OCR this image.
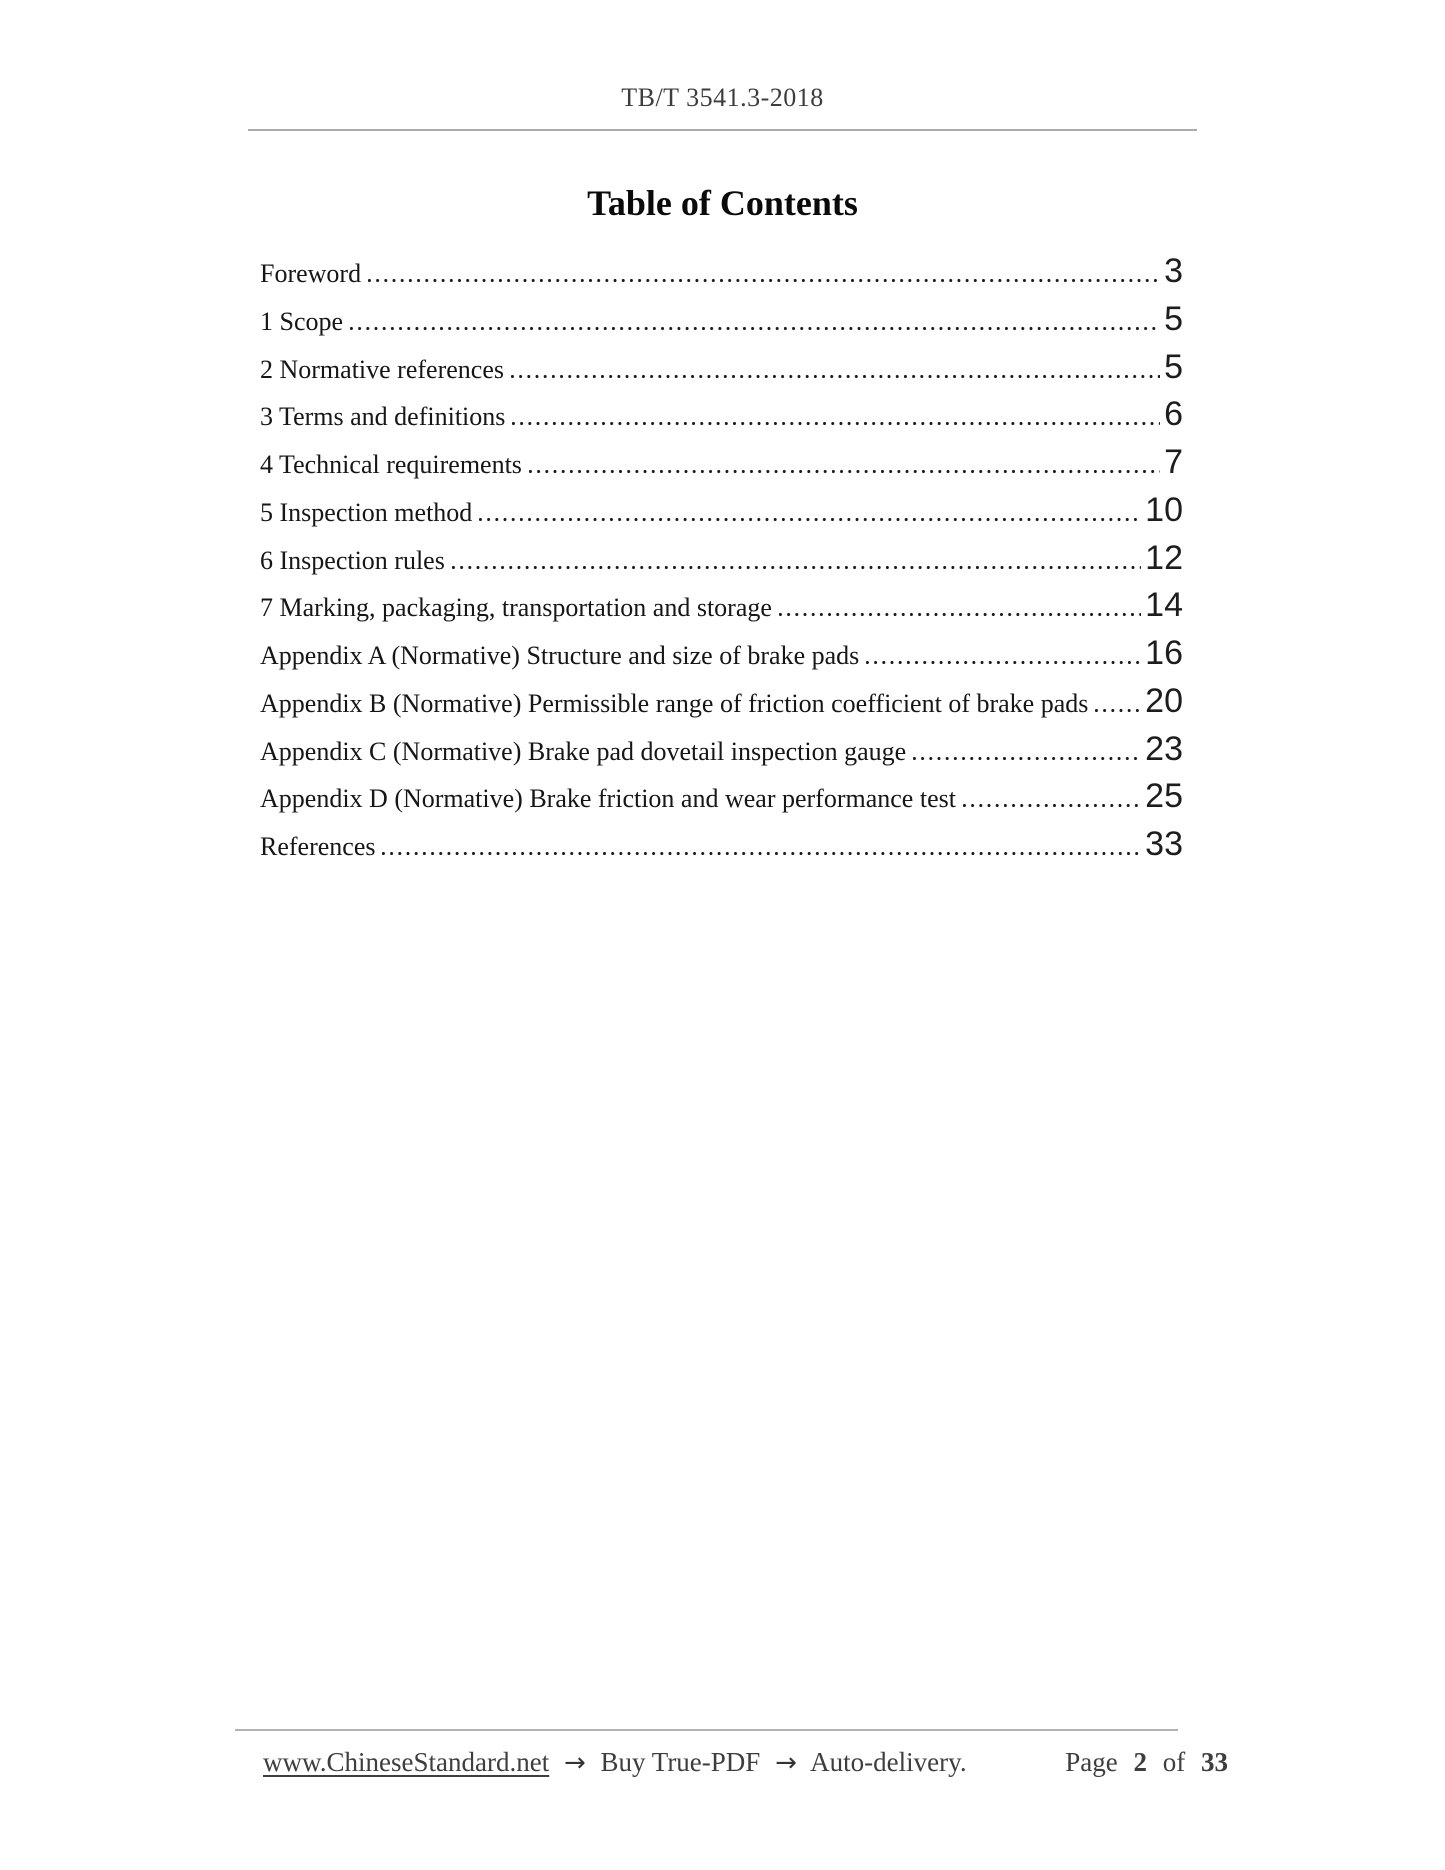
TB/T 3541.3-2018
Table of Contents
Foreword	3
1 Scope	5
2 Normative references	5
3 Terms and definitions	6
4 Technical requirements	7
5 Inspection method	10
6 Inspection rules	12
7 Marking, packaging, transportation and storage	14
Appendix A (Normative) Structure and size of brake pads	16
Appendix B (Normative) Permissible range of friction coefficient of brake pads 20
Appendix C (Normative) Brake pad dovetail inspection gauge	23
Appendix D (Normative) Brake friction and wear performance test	25
References	33
www.ChineseStandard.net → Buy True-PDF → Auto-delivery.	Page 2 of 33
